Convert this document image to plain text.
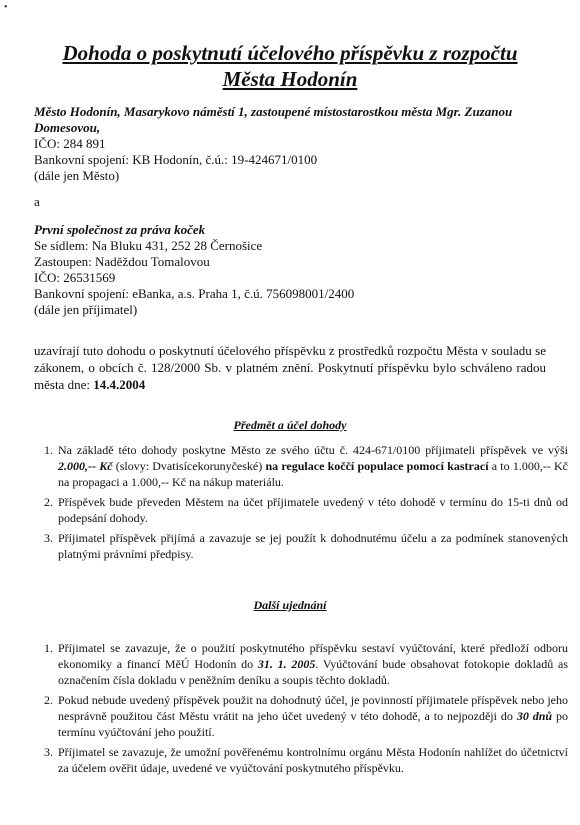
Dohoda o poskytnutí účelového příspěvku z rozpočtu
Města Hodonín
Město Hodonín, Masarykovo náměstí 1, zastoupené místostarostkou města Mgr. Zuzanou Domesovou,
IČO: 284 891
Bankovní spojení: KB Hodonín, č.ú.: 19-424671/0100
(dále jen Město)
a
První společnost za práva koček
Se sídlem: Na Bluku 431, 252 28 Černošice
Zastoupen: Naděždou Tomalovou
IČO: 26531569
Bankovní spojení: eBanka, a.s. Praha 1, č.ú. 756098001/2400
(dále jen příjimatel)
uzavírají tuto dohodu o poskytnutí účelového příspěvku z prostředků rozpočtu Města v souladu se zákonem, o obcích č. 128/2000 Sb. v platném znění. Poskytnutí příspěvku bylo schváleno radou města dne: 14.4.2004
Předmět a účel dohody
1. Na základě této dohody poskytne Město ze svého účtu č. 424-671/0100 příjimateli příspěvek ve výši 2.000,-- Kč (slovy: Dvatisícekorunyčeské) na regulace koččí populace pomocí kastrací a to 1.000,-- Kč na propagaci a 1.000,-- Kč na nákup materiálu.
2. Příspěvek bude převeden Městem na účet příjimatele uvedený v této dohodě v termínu do 15-ti dnů od podepsání dohody.
3. Příjimatel příspěvek přijímá a zavazuje se jej použít k dohodnutému účelu a za podmínek stanovených platnými právními předpisy.
Další ujednání
1. Příjimatel se zavazuje, že o použití poskytnutého příspěvku sestaví vyúčtování, které předloží odboru ekonomiky a financí MěÚ Hodonín do 31. 1. 2005. Vyúčtování bude obsahovat fotokopie dokladů as označením čísla dokladu v peněžním deníku a soupis těchto dokladů.
2. Pokud nebude uvedený příspěvek použit na dohodnutý účel, je povinností příjimatele příspěvek nebo jeho nesprávně použitou část Městu vrátit na jeho účet uvedený v této dohodě, a to nejpozději do 30 dnů po termínu vyúčtování jeho použití.
3. Příjimatel se zavazuje, že umožní pověřenému kontrolnímu orgánu Města Hodonín nahlížet do účetnictví za účelem ověřit údaje, uvedené ve vyúčtování poskytnutého příspěvku.
•
